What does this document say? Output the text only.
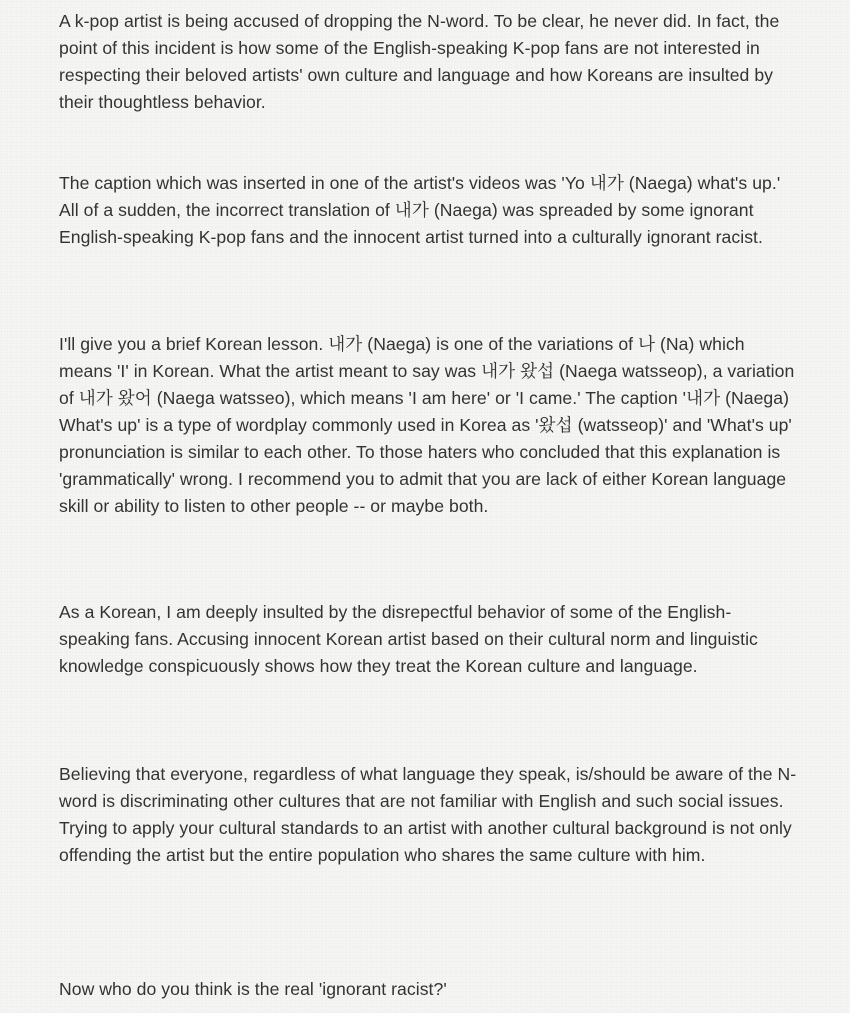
A k-pop artist is being accused of dropping the N-word. To be clear, he never did. In fact, the point of this incident is how some of the English-speaking K-pop fans are not interested in respecting their beloved artists' own culture and language and how Koreans are insulted by their thoughtless behavior.

The caption which was inserted in one of the artist's videos was 'Yo 내가 (Naega) what's up.' All of a sudden, the incorrect translation of 내가 (Naega) was spreaded by some ignorant English-speaking K-pop fans and the innocent artist turned into a culturally ignorant racist.

I'll give you a brief Korean lesson. 내가 (Naega) is one of the variations of 나 (Na) which means 'I' in Korean. What the artist meant to say was 내가 왔섭 (Naega watsseop), a variation of 내가 왔어 (Naega watsseo), which means 'I am here' or 'I came.' The caption '내가 (Naega) What's up' is a type of wordplay commonly used in Korea as '왔섭 (watsseop)' and 'What's up' pronunciation is similar to each other. To those haters who concluded that this explanation is 'grammatically' wrong. I recommend you to admit that you are lack of either Korean language skill or ability to listen to other people -- or maybe both.

As a Korean, I am deeply insulted by the disrepectful behavior of some of the English-speaking fans. Accusing innocent Korean artist based on their cultural norm and linguistic knowledge conspicuously shows how they treat the Korean culture and language.

Believing that everyone, regardless of what language they speak, is/should be aware of the N-word is discriminating other cultures that are not familiar with English and such social issues. Trying to apply your cultural standards to an artist with another cultural background is not only offending the artist but the entire population who shares the same culture with him.

Now who do you think is the real 'ignorant racist?'
